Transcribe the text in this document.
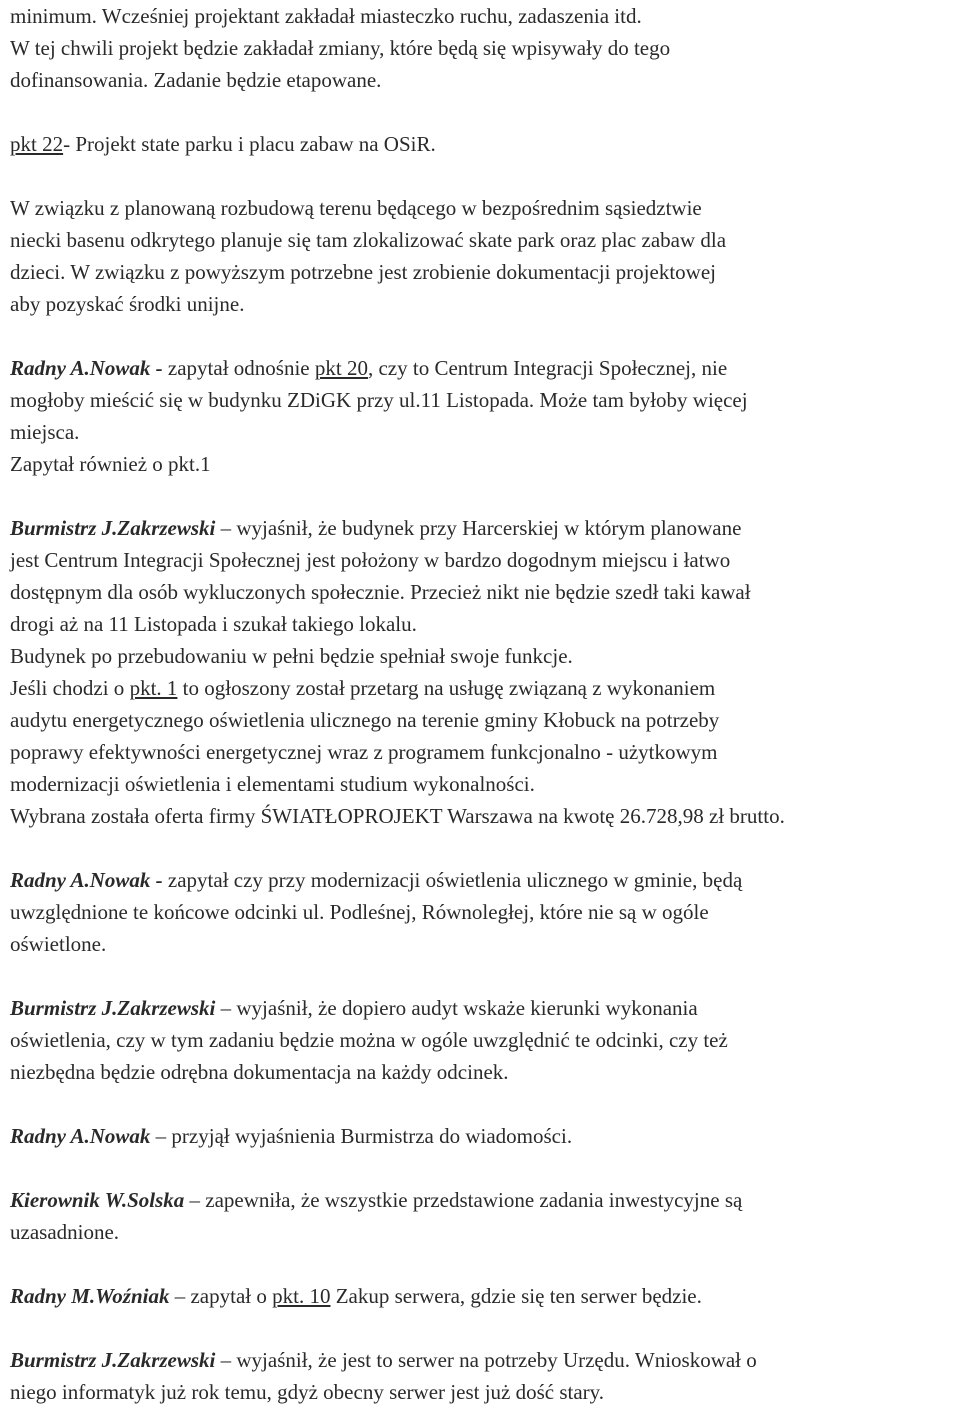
minimum. Wcześniej projektant zakładał miasteczko ruchu, zadaszenia itd.
W tej chwili projekt będzie zakładał zmiany, które będą się wpisywały do tego
dofinansowania. Zadanie będzie etapowane.
pkt 22- Projekt state parku i placu zabaw na OSiR.
W związku z planowaną rozbudową terenu będącego w bezpośrednim sąsiedztwie
niecki basenu odkrytego planuje się tam zlokalizować skate park oraz plac zabaw dla
dzieci. W związku z powyższym potrzebne jest zrobienie dokumentacji projektowej
aby pozyskać środki unijne.
Radny A.Nowak - zapytał odnośnie pkt 20, czy to Centrum Integracji Społecznej, nie
mogłoby mieścić się w budynku ZDiGK przy ul.11 Listopada. Może tam byłoby więcej
miejsca.
Zapytał również o pkt.1
Burmistrz J.Zakrzewski – wyjaśnił, że budynek przy Harcerskiej w którym planowane
jest Centrum Integracji Społecznej jest położony w bardzo dogodnym miejscu i łatwo
dostępnym dla osób wykluczonych społecznie. Przecież nikt nie będzie szedł taki kawał
drogi aż na 11 Listopada i szukał takiego lokalu.
Budynek po przebudowaniu w pełni będzie spełniał swoje funkcje.
Jeśli chodzi o pkt. 1 to ogłoszony został przetarg na usługę związaną z wykonaniem
audytu energetycznego oświetlenia ulicznego na terenie gminy Kłobuck na potrzeby
poprawy efektywności energetycznej wraz z programem funkcjonalno - użytkowym
modernizacji oświetlenia i elementami studium wykonalności.
Wybrana została oferta firmy ŚWIATŁOPROJEKT Warszawa na kwotę 26.728,98 zł brutto.
Radny A.Nowak - zapytał czy przy modernizacji oświetlenia ulicznego w gminie, będą
uwzględnione te końcowe odcinki ul. Podleśnej, Równoległej, które nie są w ogóle
oświetlone.
Burmistrz J.Zakrzewski – wyjaśnił, że dopiero audyt wskaże kierunki wykonania
oświetlenia, czy w tym zadaniu będzie można w ogóle uwzględnić te odcinki, czy też
niezbędna będzie odrębna dokumentacja na każdy odcinek.
Radny A.Nowak – przyjął wyjaśnienia Burmistrza do wiadomości.
Kierownik W.Solska – zapewniła, że wszystkie przedstawione zadania inwestycyjne są
uzasadnione.
Radny M.Woźniak – zapytał o pkt. 10 Zakup serwera, gdzie się ten serwer będzie.
Burmistrz J.Zakrzewski – wyjaśnił, że jest to serwer na potrzeby Urzędu. Wnioskował o
niego informatyk już rok temu, gdyż obecny serwer jest już dość stary.
